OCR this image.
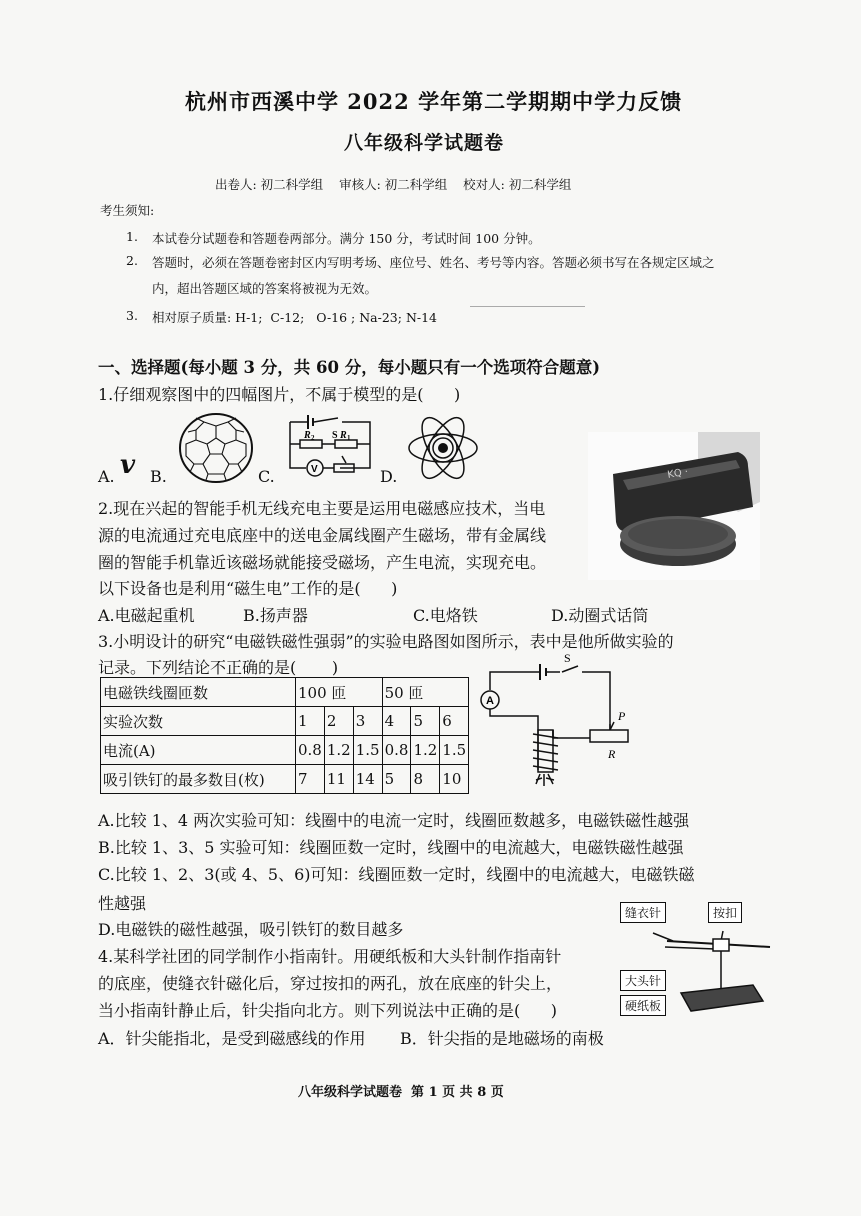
杭州市西溪中学 2022 学年第二学期期中学力反馈
八年级科学试题卷
出卷人: 初二科学组    审核人: 初二科学组    校对人: 初二科学组
考生须知:
1. 本试卷分试题卷和答题卷两部分。满分 150 分，考试时间 100 分钟。
2. 答题时，必须在答题卷密封区内写明考场、座位号、姓名、考号等内容。答题必须书写在各规定区域之
内，超出答题区域的答案将被视为无效。
3. 相对原子质量: H-1;  C-12;   O-16 ; Na-23; N-14
一、选择题(每小题 3 分，共 60 分，每小题只有一个选项符合题意)
1.仔细观察图中的四幅图片，不属于模型的是(      )
A. v B.	C.	D.
S
R 2	R 1
V	KQ ·
2.现在兴起的智能手机无线充电主要是运用电磁感应技术，当电
源的电流通过充电底座中的送电金属线圈产生磁场，带有金属线
圈的智能手机靠近该磁场就能接受磁场，产生电流，实现充电。
以下设备也是利用“磁生电”工作的是(      )
A.电磁起重机	B.扬声器	C.电烙铁	D.动圈式话筒
3.小明设计的研究“电磁铁磁性强弱”的实验电路图如图所示，表中是他所做实验的
记录。下列结论不正确的是(       )
电磁铁线圈匝数	100 匝			50 匝		
实验次数	1	2	3	4	5	6
电流(A)	0.8	1.2	1.5	0.8	1.2	1.5
吸引铁钉的最多数目(枚)	7	11	14	5	8	10
S
A
P
R
A.比较 1、4 两次实验可知：线圈中的电流一定时，线圈匝数越多，电磁铁磁性越强
B.比较 1、3、5 实验可知：线圈匝数一定时，线圈中的电流越大，电磁铁磁性越强
C.比较 1、2、3(或 4、5、6)可知：线圈匝数一定时，线圈中的电流越大，电磁铁磁
性越强
D.电磁铁的磁性越强，吸引铁钉的数目越多
4.某科学社团的同学制作小指南针。用硬纸板和大头针制作指南针
的底座，使缝衣针磁化后，穿过按扣的两孔，放在底座的针尖上，
当小指南针静止后，针尖指向北方。则下列说法中正确的是(      )
A．针尖能指北，是受到磁感线的作用 B．针尖指的是地磁场的南极
缝衣针	按扣
大头针
硬纸板
八年级科学试题卷  第 1 页 共 8 页
